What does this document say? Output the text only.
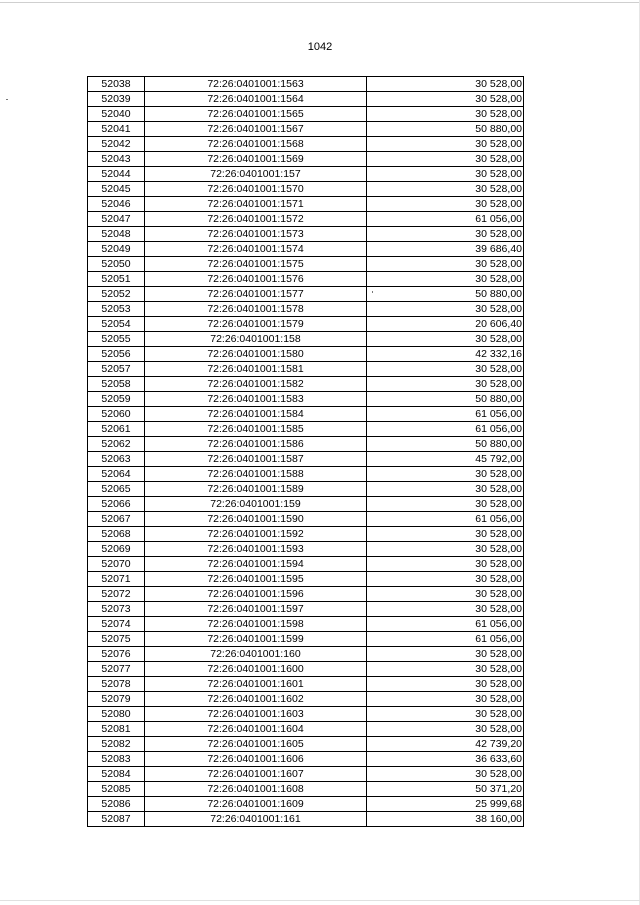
1042
52038	72:26:0401001:1563	30 528,00
52039	72:26:0401001:1564	30 528,00
52040	72:26:0401001:1565	30 528,00
52041	72:26:0401001:1567	50 880,00
52042	72:26:0401001:1568	30 528,00
52043	72:26:0401001:1569	30 528,00
52044	72:26:0401001:157	30 528,00
52045	72:26:0401001:1570	30 528,00
52046	72:26:0401001:1571	30 528,00
52047	72:26:0401001:1572	61 056,00
52048	72:26:0401001:1573	30 528,00
52049	72:26:0401001:1574	39 686,40
52050	72:26:0401001:1575	30 528,00
52051	72:26:0401001:1576	30 528,00
52052	72:26:0401001:1577	50 880,00
52053	72:26:0401001:1578	30 528,00
52054	72:26:0401001:1579	20 606,40
52055	72:26:0401001:158	30 528,00
52056	72:26:0401001:1580	42 332,16
52057	72:26:0401001:1581	30 528,00
52058	72:26:0401001:1582	30 528,00
52059	72:26:0401001:1583	50 880,00
52060	72:26:0401001:1584	61 056,00
52061	72:26:0401001:1585	61 056,00
52062	72:26:0401001:1586	50 880,00
52063	72:26:0401001:1587	45 792,00
52064	72:26:0401001:1588	30 528,00
52065	72:26:0401001:1589	30 528,00
52066	72:26:0401001:159	30 528,00
52067	72:26:0401001:1590	61 056,00
52068	72:26:0401001:1592	30 528,00
52069	72:26:0401001:1593	30 528,00
52070	72:26:0401001:1594	30 528,00
52071	72:26:0401001:1595	30 528,00
52072	72:26:0401001:1596	30 528,00
52073	72:26:0401001:1597	30 528,00
52074	72:26:0401001:1598	61 056,00
52075	72:26:0401001:1599	61 056,00
52076	72:26:0401001:160	30 528,00
52077	72:26:0401001:1600	30 528,00
52078	72:26:0401001:1601	30 528,00
52079	72:26:0401001:1602	30 528,00
52080	72:26:0401001:1603	30 528,00
52081	72:26:0401001:1604	30 528,00
52082	72:26:0401001:1605	42 739,20
52083	72:26:0401001:1606	36 633,60
52084	72:26:0401001:1607	30 528,00
52085	72:26:0401001:1608	50 371,20
52086	72:26:0401001:1609	25 999,68
52087	72:26:0401001:161	38 160,00
